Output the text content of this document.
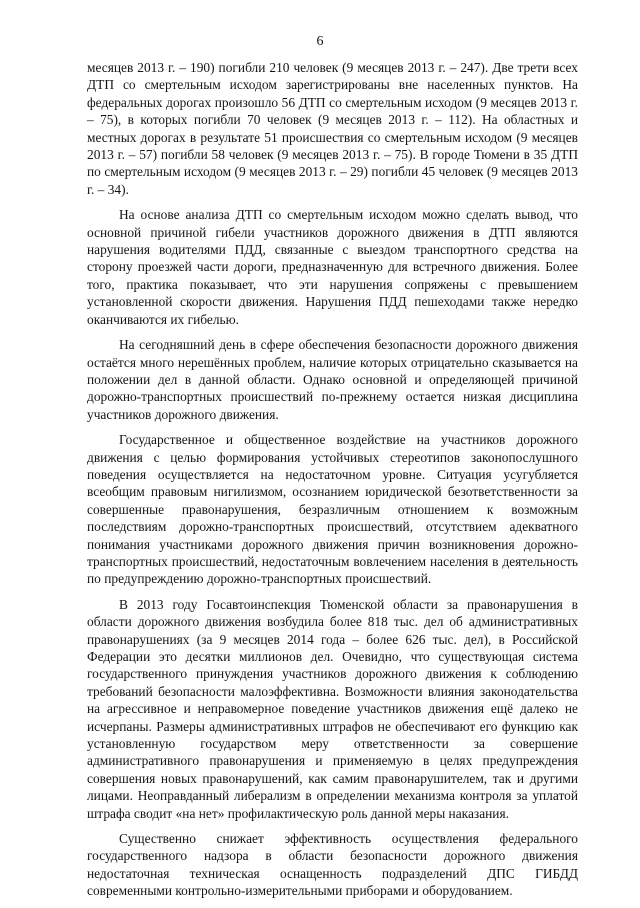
6

месяцев 2013 г. – 190) погибли 210 человек (9 месяцев 2013 г. – 247). Две трети всех ДТП со смертельным исходом зарегистрированы вне населенных пунктов. На федеральных дорогах произошло 56 ДТП со смертельным исходом (9 месяцев 2013 г. – 75), в которых погибли 70 человек (9 месяцев 2013 г. – 112). На областных и местных дорогах в результате 51 происшествия со смертельным исходом (9 месяцев 2013 г. – 57) погибли 58 человек (9 месяцев 2013 г. – 75). В городе Тюмени в 35 ДТП по смертельным исходом (9 месяцев 2013 г. – 29) погибли 45 человек (9 месяцев 2013 г. – 34).

На основе анализа ДТП со смертельным исходом можно сделать вывод, что основной причиной гибели участников дорожного движения в ДТП являются нарушения водителями ПДД, связанные с выездом транспортного средства на сторону проезжей части дороги, предназначенную для встречного движения. Более того, практика показывает, что эти нарушения сопряжены с превышением установленной скорости движения. Нарушения ПДД пешеходами также нередко оканчиваются их гибелью.

На сегодняшний день в сфере обеспечения безопасности дорожного движения остаётся много нерешённых проблем, наличие которых отрицательно сказывается на положении дел в данной области. Однако основной и определяющей причиной дорожно-транспортных происшествий по-прежнему остается низкая дисциплина участников дорожного движения.

Государственное и общественное воздействие на участников дорожного движения с целью формирования устойчивых стереотипов законопослушного поведения осуществляется на недостаточном уровне. Ситуация усугубляется всеобщим правовым нигилизмом, осознанием юридической безответственности за совершенные правонарушения, безразличным отношением к возможным последствиям дорожно-транспортных происшествий, отсутствием адекватного понимания участниками дорожного движения причин возникновения дорожно-транспортных происшествий, недостаточным вовлечением населения в деятельность по предупреждению дорожно-транспортных происшествий.

В 2013 году Госавтоинспекция Тюменской области за правонарушения в области дорожного движения возбудила более 818 тыс. дел об административных правонарушениях (за 9 месяцев 2014 года – более 626 тыс. дел), в Российской Федерации это десятки миллионов дел. Очевидно, что существующая система государственного принуждения участников дорожного движения к соблюдению требований безопасности малоэффективна. Возможности влияния законодательства на агрессивное и неправомерное поведение участников движения ещё далеко не исчерпаны. Размеры административных штрафов не обеспечивают его функцию как установленную государством меру ответственности за совершение административного правонарушения и применяемую в целях предупреждения совершения новых правонарушений, как самим правонарушителем, так и другими лицами. Неоправданный либерализм в определении механизма контроля за уплатой штрафа сводит «на нет» профилактическую роль данной меры наказания.

Существенно снижает эффективность осуществления федерального государственного надзора в области безопасности дорожного движения недостаточная техническая оснащенность подразделений ДПС ГИБДД современными контрольно-измерительными приборами и оборудованием.
